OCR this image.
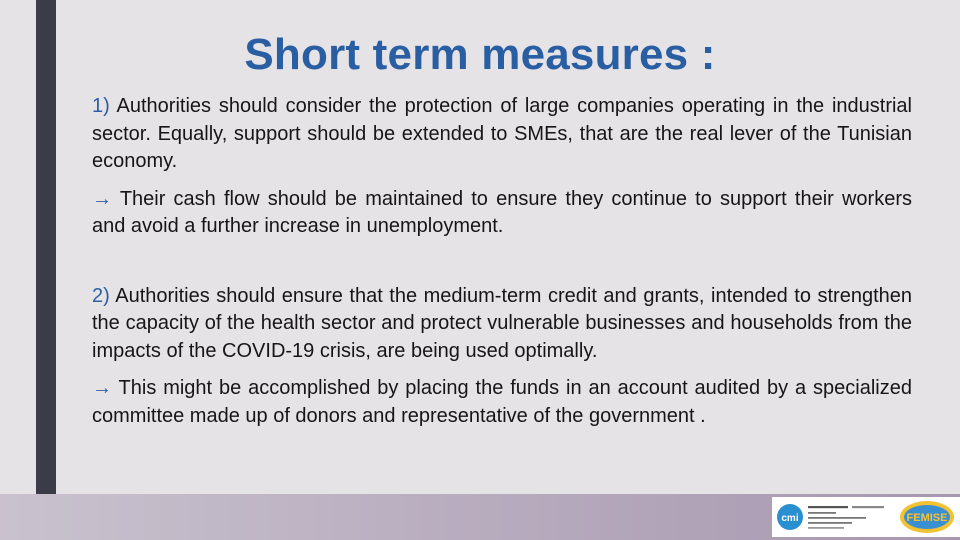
Short term measures :

1) Authorities should consider the protection of large companies operating in the industrial sector. Equally, support should be extended to SMEs, that are the real lever of the Tunisian economy.

→ Their cash flow should be maintained to ensure they continue to support their workers and avoid a further increase in unemployment.

2) Authorities should ensure that the medium-term credit and grants, intended to strengthen the capacity of the health sector and protect vulnerable businesses and households from the impacts of the COVID-19 crisis, are being used optimally.

→ This might be accomplished by placing the funds in an account audited by a specialized committee made up of donors and representative of the government .

cmi	FEMISE
